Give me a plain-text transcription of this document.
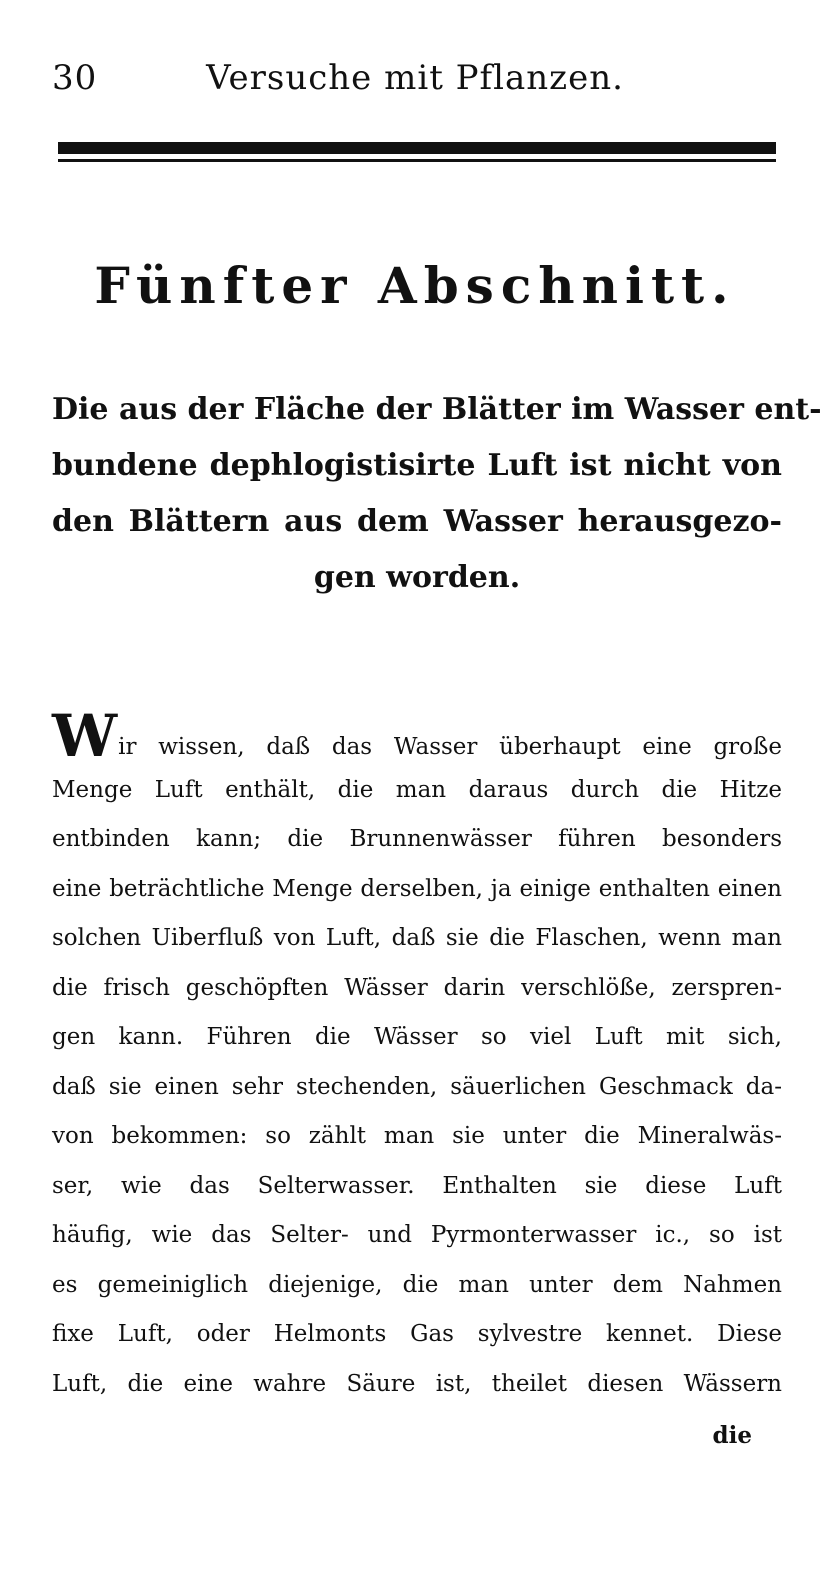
30	Versuche mit Pflanzen.
Fünfter Abschnitt.
Die aus der Fläche der Blätter im Wasser ent-
bundene dephlogistisirte Luft ist nicht von
den Blättern aus dem Wasser herausgezo-
gen worden.
Wir wissen, daß das Wasser überhaupt eine große
Menge Luft enthält, die man daraus durch die Hitze
entbinden kann; die Brunnenwässer führen besonders
eine beträchtliche Menge derselben, ja einige enthalten einen
solchen Uiberfluß von Luft, daß sie die Flaschen, wenn man
die frisch geschöpften Wässer darin verschlöße, zerspren-
gen kann. Führen die Wässer so viel Luft mit sich,
daß sie einen sehr stechenden, säuerlichen Geschmack da-
von bekommen: so zählt man sie unter die Mineralwäs-
ser, wie das Selterwasser. Enthalten sie diese Luft
häufig, wie das Selter- und Pyrmonterwasser ic., so ist
es gemeiniglich diejenige, die man unter dem Nahmen
fixe Luft, oder Helmonts Gas sylvestre kennet. Diese
Luft, die eine wahre Säure ist, theilet diesen Wässern
die
